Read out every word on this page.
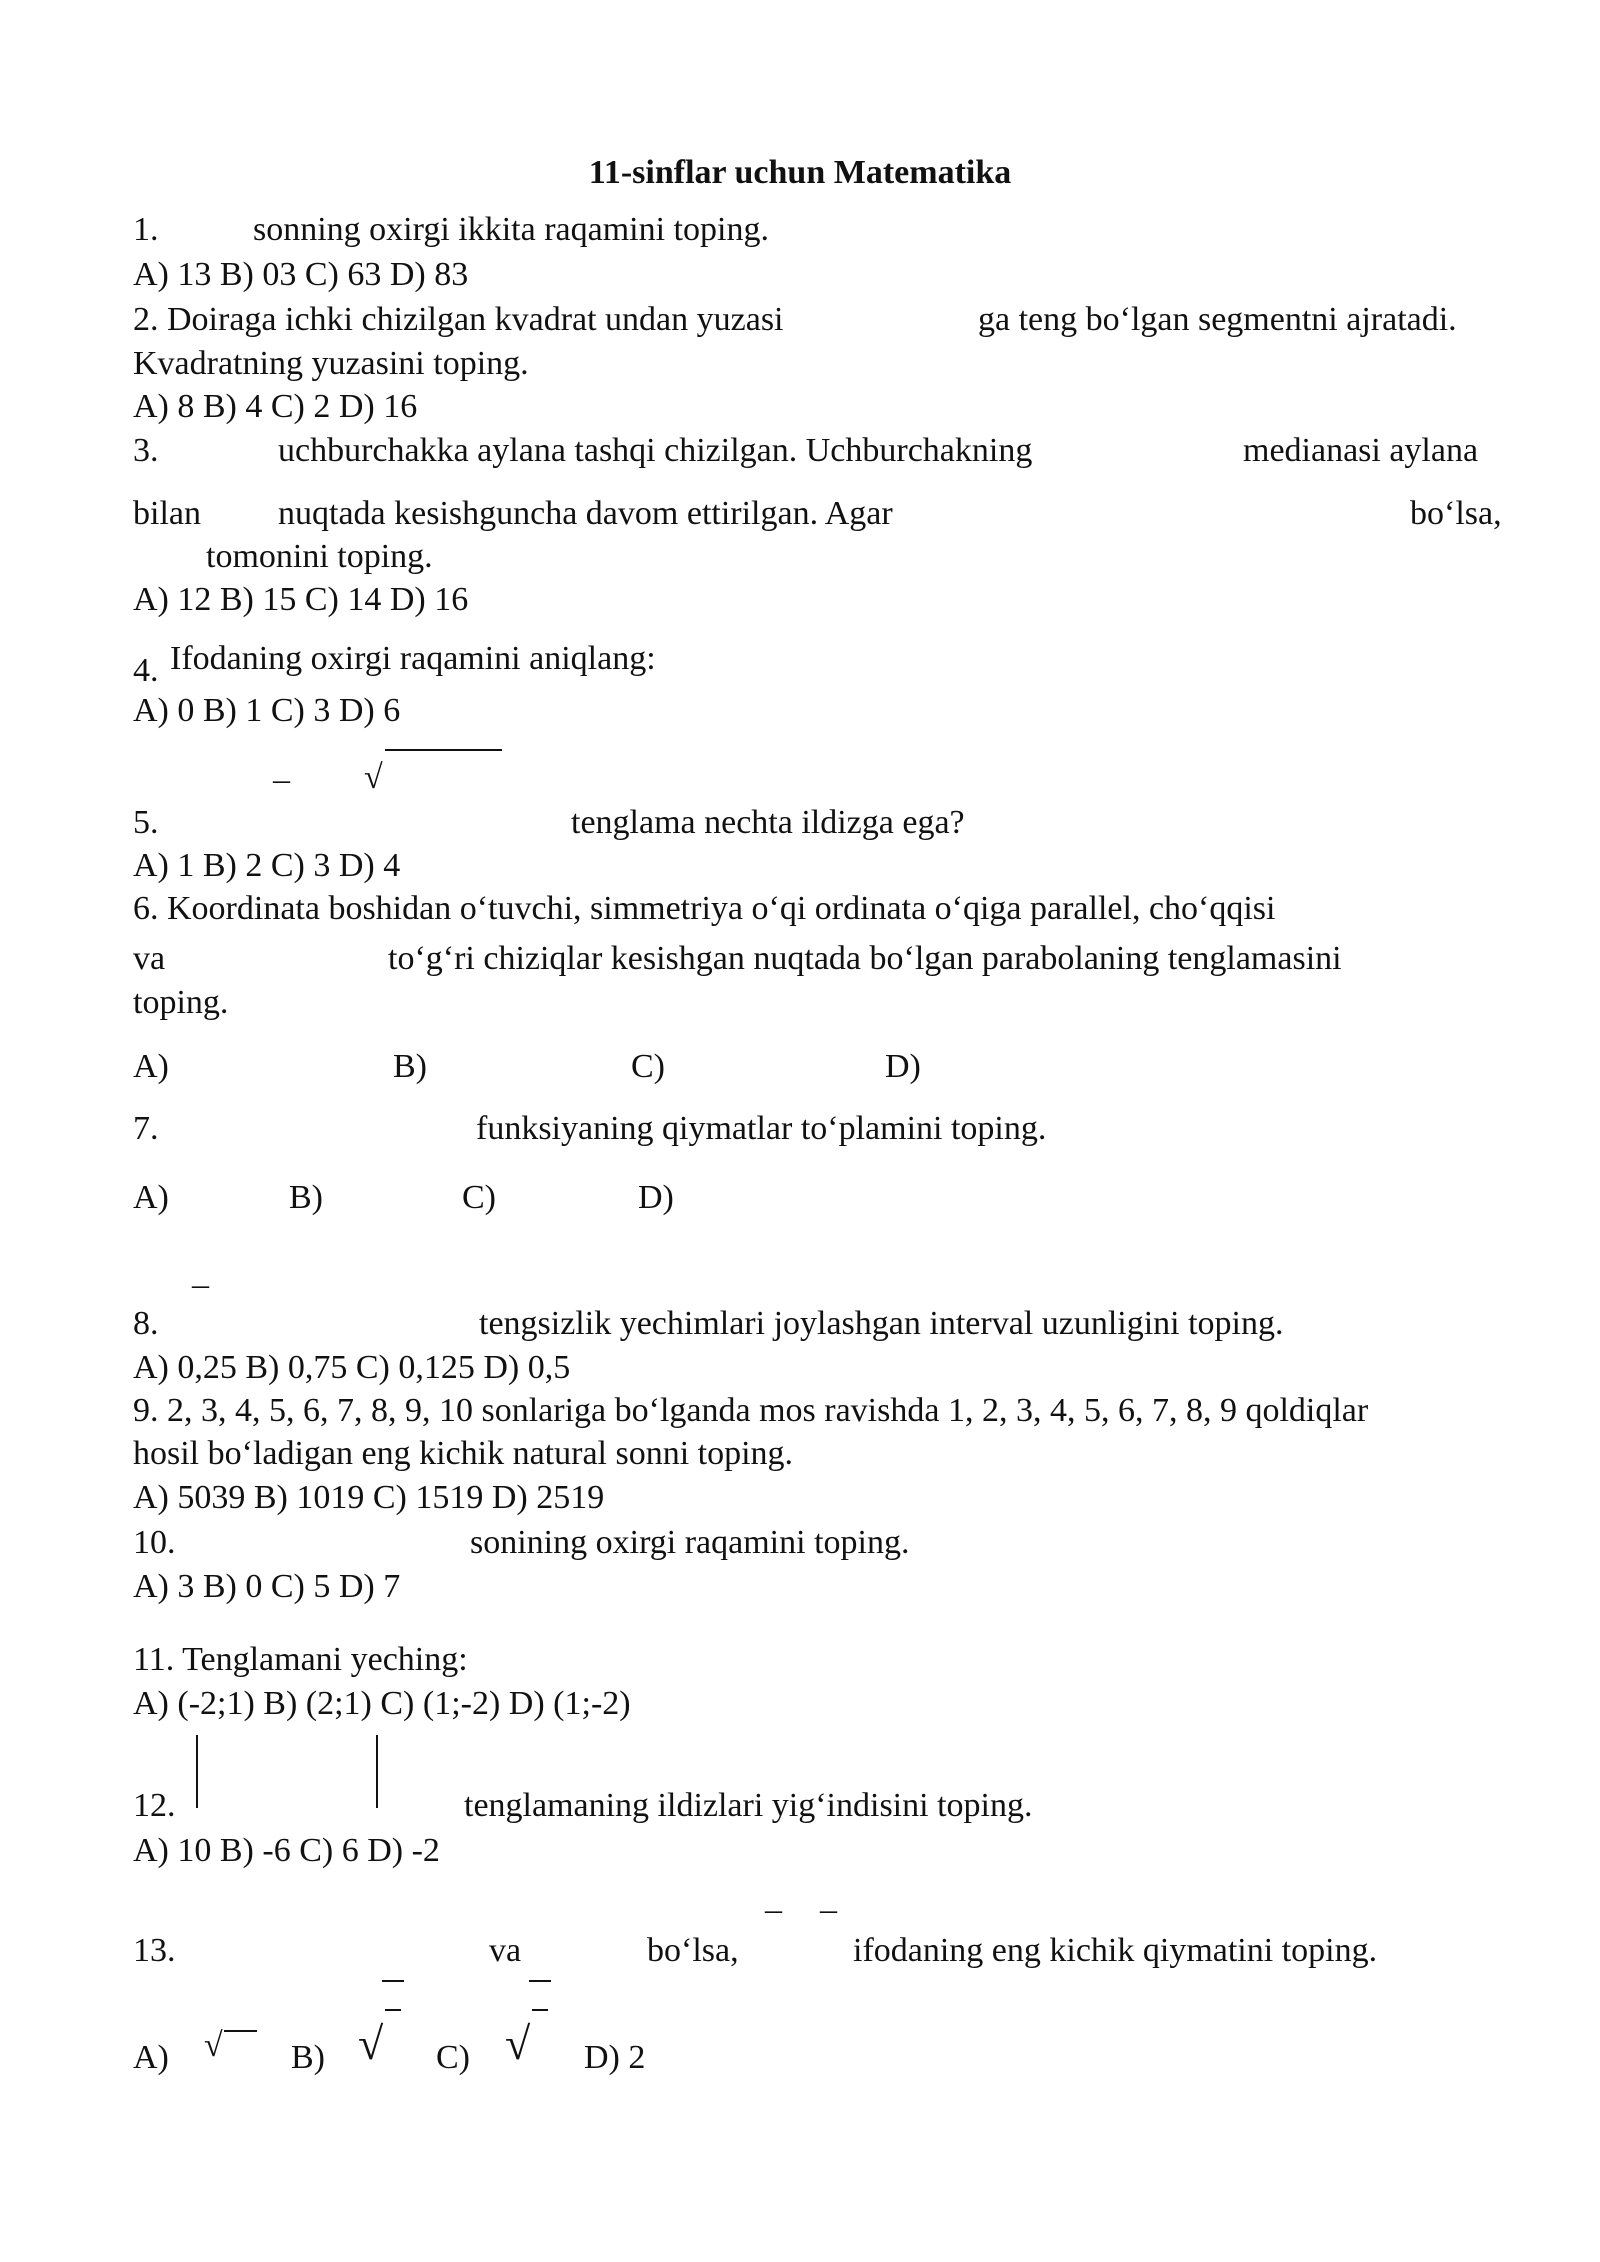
11-sinflar uchun Matematika
1.	sonning oxirgi ikkita raqamini toping.
A) 13 B) 03 C) 63 D) 83
2. Doiraga ichki chizilgan kvadrat undan yuzasi	ga teng bo‘lgan segmentni ajratadi.
Kvadratning yuzasini toping.
A) 8 B) 4 C) 2 D) 16
3.	uchburchakka aylana tashqi chizilgan. Uchburchakning	medianasi aylana
bilan nuqtada kesishguncha davom ettirilgan. Agar	bo‘lsa,
tomonini toping.
A) 12 B) 15 C) 14 D) 16
4. Ifodaning oxirgi raqamini aniqlang:
A) 0 B) 1 C) 3 D) 6
– √
5.	tenglama nechta ildizga ega?
A) 1 B) 2 C) 3 D) 4
6. Koordinata boshidan o‘tuvchi, simmetriya o‘qi ordinata o‘qiga parallel, cho‘qqisi
va	to‘g‘ri chiziqlar kesishgan nuqtada bo‘lgan parabolaning tenglamasini
toping.
A)	B)	C)	D)
7.	funksiyaning qiymatlar to‘plamini toping.
A)	B)	C)	D)
–
8.	tengsizlik yechimlari joylashgan interval uzunligini toping.
A) 0,25 B) 0,75 C) 0,125 D) 0,5
9. 2, 3, 4, 5, 6, 7, 8, 9, 10 sonlariga bo‘lganda mos ravishda 1, 2, 3, 4, 5, 6, 7, 8, 9 qoldiqlar
hosil bo‘ladigan eng kichik natural sonni toping.
A) 5039 B) 1019 C) 1519 D) 2519
10.	sonining oxirgi raqamini toping.
A) 3 B) 0 C) 5 D) 7
11. Tenglamani yeching:
A) (-2;1) B) (2;1) C) (1;-2) D) (1;-2)
12.	tenglamaning ildizlari yig‘indisini toping.
A) 10 B) -6 C) 6 D) -2
– –
13.	va	bo‘lsa,	ifodaning eng kichik qiymatini toping.
A) √ B) √ C) √ D) 2
